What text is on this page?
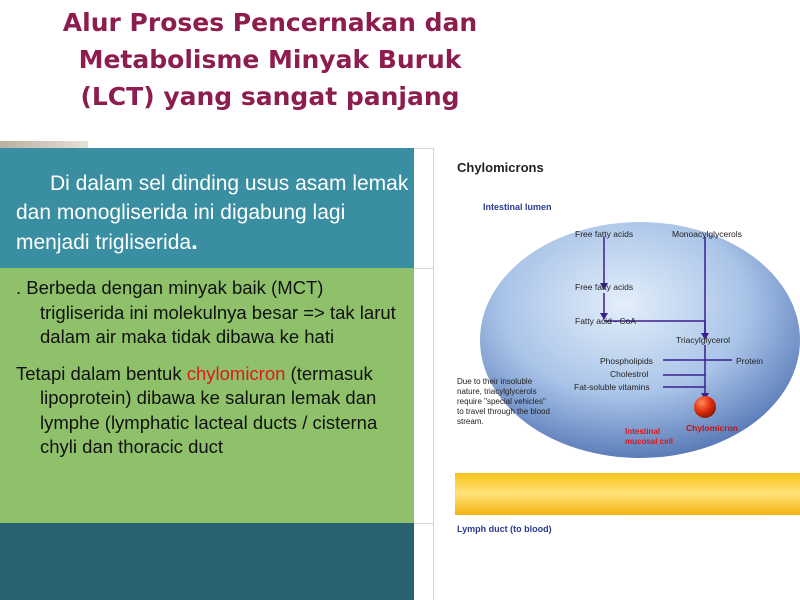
Alur Proses Pencernakan dan
Metabolisme Minyak Buruk
(LCT) yang sangat panjang
Di dalam sel dinding usus asam lemak dan monogliserida ini digabung lagi menjadi trigliserida.
. Berbeda dengan minyak baik (MCT) trigliserida ini molekulnya besar => tak larut dalam air maka tidak dibawa ke hati
Tetapi dalam bentuk chylomicron (termasuk lipoprotein) dibawa ke saluran lemak dan lymphe (lymphatic lacteal ducts / cisterna chyli dan thoracic duct
Chylomicrons
Intestinal lumen
Free fatty acids	Monoacylglycerols
Free fatty acids
Fatty acid - CoA
Triacylglycerol
Phospholipids
Cholestrol
Fat-soluble vitamins
Protein
Due to their insoluble nature, triacylglycerols require "special vehicles" to travel through the blood stream.
Intestinal mucosal cell
Chylomicron
Lymph duct (to blood)
